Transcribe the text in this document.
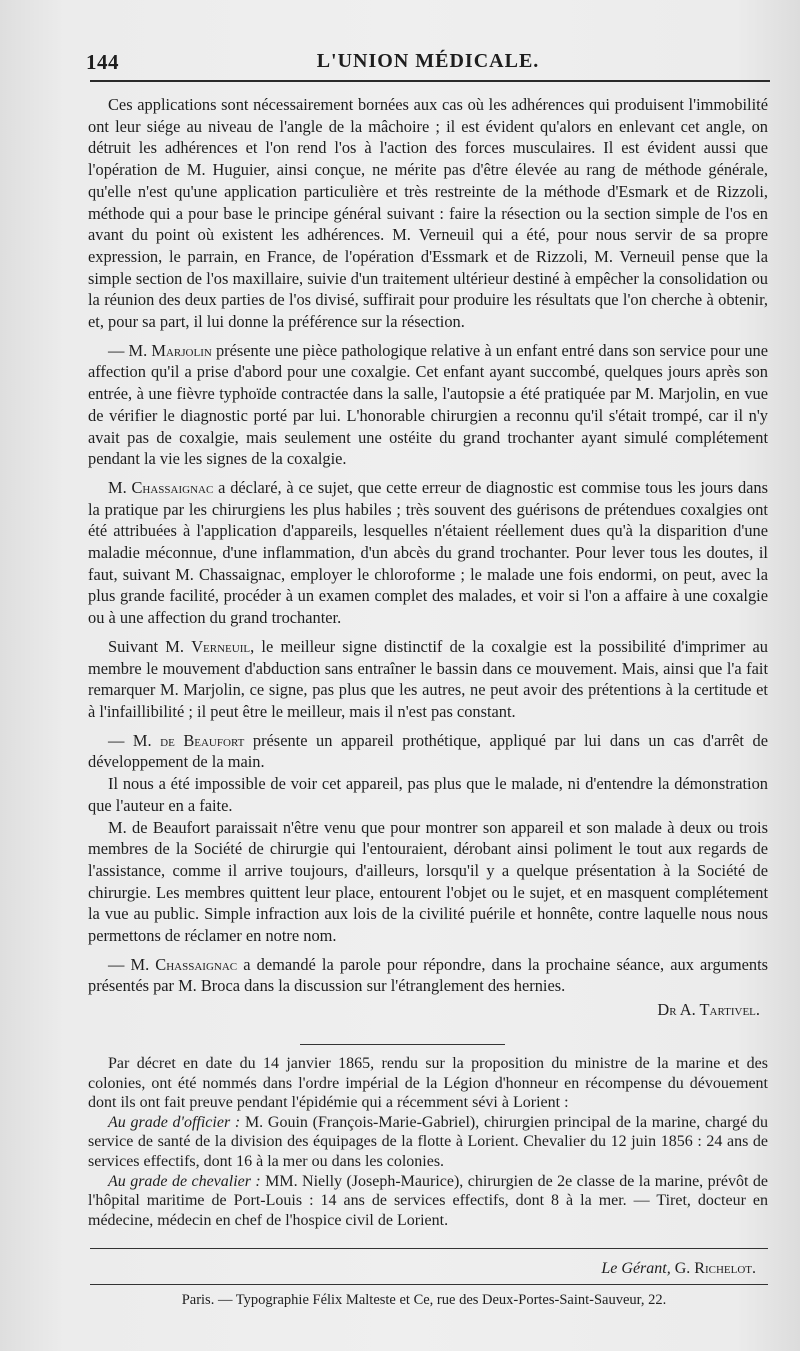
144	L'UNION MÉDICALE.

Ces applications sont nécessairement bornées aux cas où les adhérences qui produisent l'immobilité ont leur siége au niveau de l'angle de la mâchoire ; il est évident qu'alors en enlevant cet angle, on détruit les adhérences et l'on rend l'os à l'action des forces musculaires. Il est évident aussi que l'opération de M. Huguier, ainsi conçue, ne mérite pas d'être élevée au rang de méthode générale, qu'elle n'est qu'une application particulière et très restreinte de la méthode d'Esmark et de Rizzoli, méthode qui a pour base le principe général suivant : faire la résection ou la section simple de l'os en avant du point où existent les adhérences. M. Verneuil qui a été, pour nous servir de sa propre expression, le parrain, en France, de l'opération d'Essmark et de Rizzoli, M. Verneuil pense que la simple section de l'os maxillaire, suivie d'un traitement ultérieur destiné à empêcher la consolidation ou la réunion des deux parties de l'os divisé, suffirait pour produire les résultats que l'on cherche à obtenir, et, pour sa part, il lui donne la préférence sur la résection.

— M. Marjolin présente une pièce pathologique relative à un enfant entré dans son service pour une affection qu'il a prise d'abord pour une coxalgie. Cet enfant ayant succombé, quelques jours après son entrée, à une fièvre typhoïde contractée dans la salle, l'autopsie a été pratiquée par M. Marjolin, en vue de vérifier le diagnostic porté par lui. L'honorable chirurgien a reconnu qu'il s'était trompé, car il n'y avait pas de coxalgie, mais seulement une ostéite du grand trochanter ayant simulé complétement pendant la vie les signes de la coxalgie.

M. Chassaignac a déclaré, à ce sujet, que cette erreur de diagnostic est commise tous les jours dans la pratique par les chirurgiens les plus habiles ; très souvent des guérisons de prétendues coxalgies ont été attribuées à l'application d'appareils, lesquelles n'étaient réellement dues qu'à la disparition d'une maladie méconnue, d'une inflammation, d'un abcès du grand trochanter. Pour lever tous les doutes, il faut, suivant M. Chassaignac, employer le chloroforme ; le malade une fois endormi, on peut, avec la plus grande facilité, procéder à un examen complet des malades, et voir si l'on a affaire à une coxalgie ou à une affection du grand trochanter.

Suivant M. Verneuil, le meilleur signe distinctif de la coxalgie est la possibilité d'imprimer au membre le mouvement d'abduction sans entraîner le bassin dans ce mouvement. Mais, ainsi que l'a fait remarquer M. Marjolin, ce signe, pas plus que les autres, ne peut avoir des prétentions à la certitude et à l'infaillibilité ; il peut être le meilleur, mais il n'est pas constant.

— M. de Beaufort présente un appareil prothétique, appliqué par lui dans un cas d'arrêt de développement de la main.

Il nous a été impossible de voir cet appareil, pas plus que le malade, ni d'entendre la démonstration que l'auteur en a faite.

M. de Beaufort paraissait n'être venu que pour montrer son appareil et son malade à deux ou trois membres de la Société de chirurgie qui l'entouraient, dérobant ainsi poliment le tout aux regards de l'assistance, comme il arrive toujours, d'ailleurs, lorsqu'il y a quelque présentation à la Société de chirurgie. Les membres quittent leur place, entourent l'objet ou le sujet, et en masquent complétement la vue au public. Simple infraction aux lois de la civilité puérile et honnête, contre laquelle nous nous permettons de réclamer en notre nom.

— M. Chassaignac a demandé la parole pour répondre, dans la prochaine séance, aux arguments présentés par M. Broca dans la discussion sur l'étranglement des hernies.

Dr A. Tartivel.

Par décret en date du 14 janvier 1865, rendu sur la proposition du ministre de la marine et des colonies, ont été nommés dans l'ordre impérial de la Légion d'honneur en récompense du dévouement dont ils ont fait preuve pendant l'épidémie qui a récemment sévi à Lorient :

Au grade d'officier : M. Gouin (François-Marie-Gabriel), chirurgien principal de la marine, chargé du service de santé de la division des équipages de la flotte à Lorient. Chevalier du 12 juin 1856 : 24 ans de services effectifs, dont 16 à la mer ou dans les colonies.

Au grade de chevalier : MM. Nielly (Joseph-Maurice), chirurgien de 2e classe de la marine, prévôt de l'hôpital maritime de Port-Louis : 14 ans de services effectifs, dont 8 à la mer. — Tiret, docteur en médecine, médecin en chef de l'hospice civil de Lorient.

Le Gérant, G. Richelot.
Paris. — Typographie Félix Malteste et Ce, rue des Deux-Portes-Saint-Sauveur, 22.
